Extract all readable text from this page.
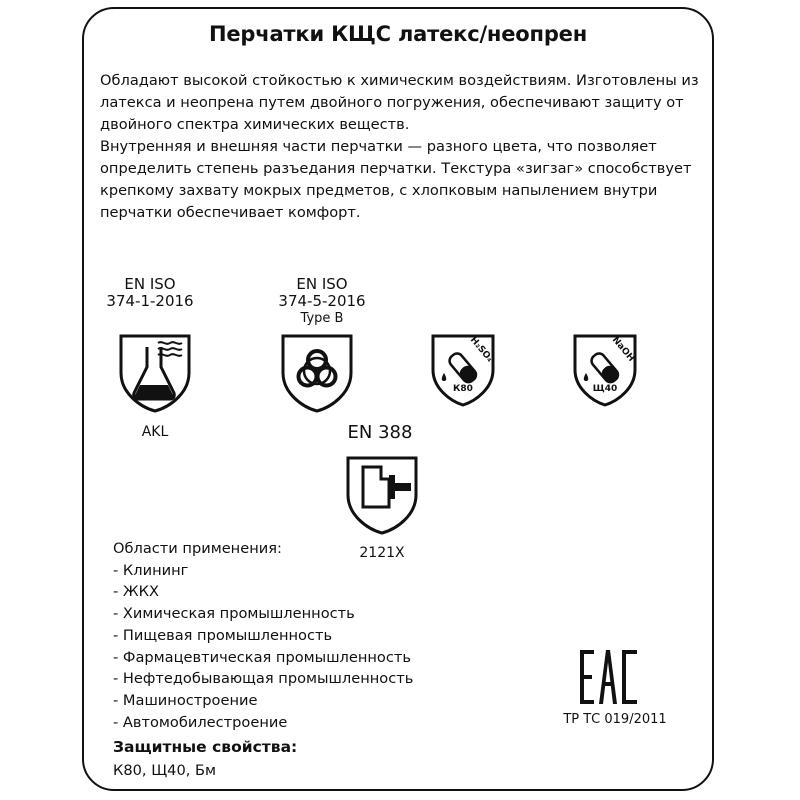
Перчатки КЩС латекс/неопрен
Обладают высокой стойкостью к химическим воздействиям. Изготовлены из
латекса и неопрена путем двойного погружения, обеспечивают защиту от
двойного спектра химических веществ.
Внутренняя и внешняя части перчатки — разного цвета, что позволяет
определить степень разъедания перчатки. Текстура «зигзаг» способствует
крепкому захвату мокрых предметов, с хлопковым напылением внутри
перчатки обеспечивает комфорт.
EN ISO
374-1-2016
AKL
EN ISO
374-5-2016
Type B
H₂SO₄
К80
NaOH
Щ40
EN 388
2121X
Области применения:
- Клининг
- ЖКХ
- Химическая промышленность
- Пищевая промышленность
- Фармацевтическая промышленность
- Нефтедобывающая промышленность
- Машиностроение
- Автомобилестроение
Защитные свойства:
К80, Щ40, Бм
ТР ТС 019/2011
